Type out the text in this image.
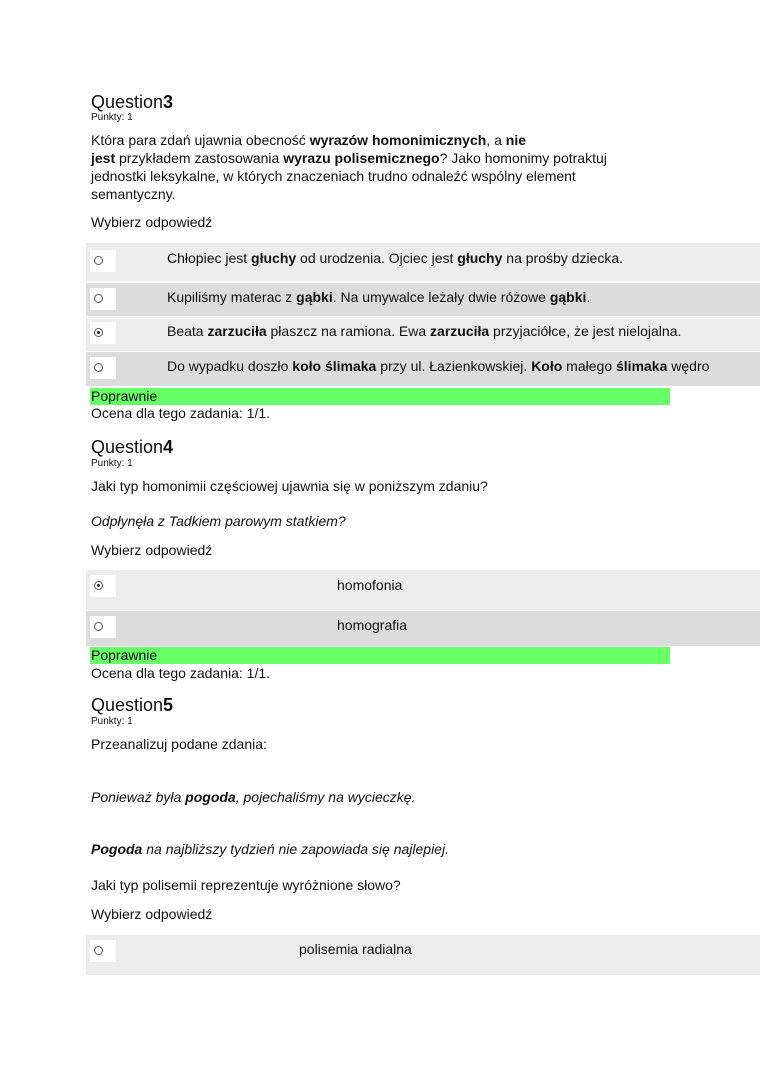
Question3
Punkty: 1
Która para zdań ujawnia obecność wyrazów homonimicznych, a nie
jest przykładem zastosowania wyrazu polisemicznego? Jako homonimy potraktuj
jednostki leksykalne, w których znaczeniach trudno odnaleźć wspólny element
semantyczny.
Wybierz odpowiedź
Chłopiec jest głuchy od urodzenia. Ojciec jest głuchy na prośby dziecka.
Kupiliśmy materac z gąbki. Na umywalce leżały dwie różowe gąbki.
Beata zarzuciła płaszcz na ramiona. Ewa zarzuciła przyjaciółce, że jest nielojalna.
Do wypadku doszło koło ślimaka przy ul. Łazienkowskiej. Koło małego ślimaka wędro
Poprawnie
Ocena dla tego zadania: 1/1.
Question4
Punkty: 1
Jaki typ homonimii częściowej ujawnia się w poniższym zdaniu?
Odpłynęła z Tadkiem parowym statkiem?
Wybierz odpowiedź
homofonia
homografia
Poprawnie
Ocena dla tego zadania: 1/1.
Question5
Punkty: 1
Przeanalizuj podane zdania:
Ponieważ była pogoda, pojechaliśmy na wycieczkę.
Pogoda na najbliższy tydzień nie zapowiada się najlepiej.
Jaki typ polisemii reprezentuje wyróżnione słowo?
Wybierz odpowiedź
polisemia radialna
